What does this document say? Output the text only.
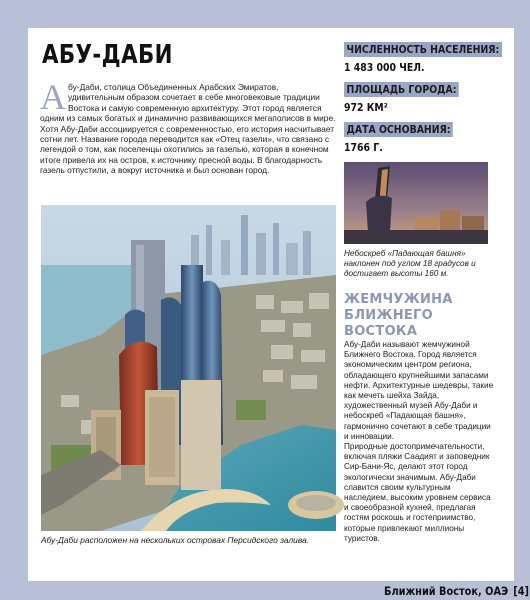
АБУ-ДАБИ

Абу-Даби, столица Объединенных Арабских Эмиратов, удивительным образом сочетает в себе многовековые традиции Востока и самую современную архитектуру. Этот город является одним из самых богатых и динамично развивающихся мегаполисов в мире.

Хотя Абу-Даби ассоциируется с современностью, его история насчитывает сотни лет. Название города переводится как «Отец газели», что связано с легендой о том, как поселенцы охотились за газелью, которая в конечном итоге привела их на остров, к источнику пресной воды. В благодарность газель отпустили, а вокруг источника и был основан город.

Абу-Даби расположен на нескольких островах Персидского залива.
ЧИСЛЕННОСТЬ НАСЕЛЕНИЯ:
1 483 000 ЧЕЛ.
ПЛОЩАДЬ ГОРОДА:
972 КМ²
ДАТА ОСНОВАНИЯ:
1766 Г.
Небоскреб «Падающая башня» наклонен под углом 18 градусов и достигает высоты 160 м.
ЖЕМЧУЖИНА БЛИЖНЕГО ВОСТОКА

Абу-Даби называют жемчужиной Ближнего Востока. Город является экономическим центром региона, обладающего крупнейшими запасами нефти. Архитектурные шедевры, такие как мечеть шейха Зайда, художественный музей Абу-Даби и небоскреб «Падающая башня», гармонично сочетают в себе традиции и инновации.

Природные достопримечательности, включая пляжи Саадият и заповедник Сир-Бани-Яс, делают этот город экологически значимым. Абу-Даби славится своим культурным наследием, высоким уровнем сервиса и своеобразной кухней, предлагая гостям роскошь и гостеприимство, которые привлекают миллионы туристов.

Ближний Восток, ОАЭ [4]
